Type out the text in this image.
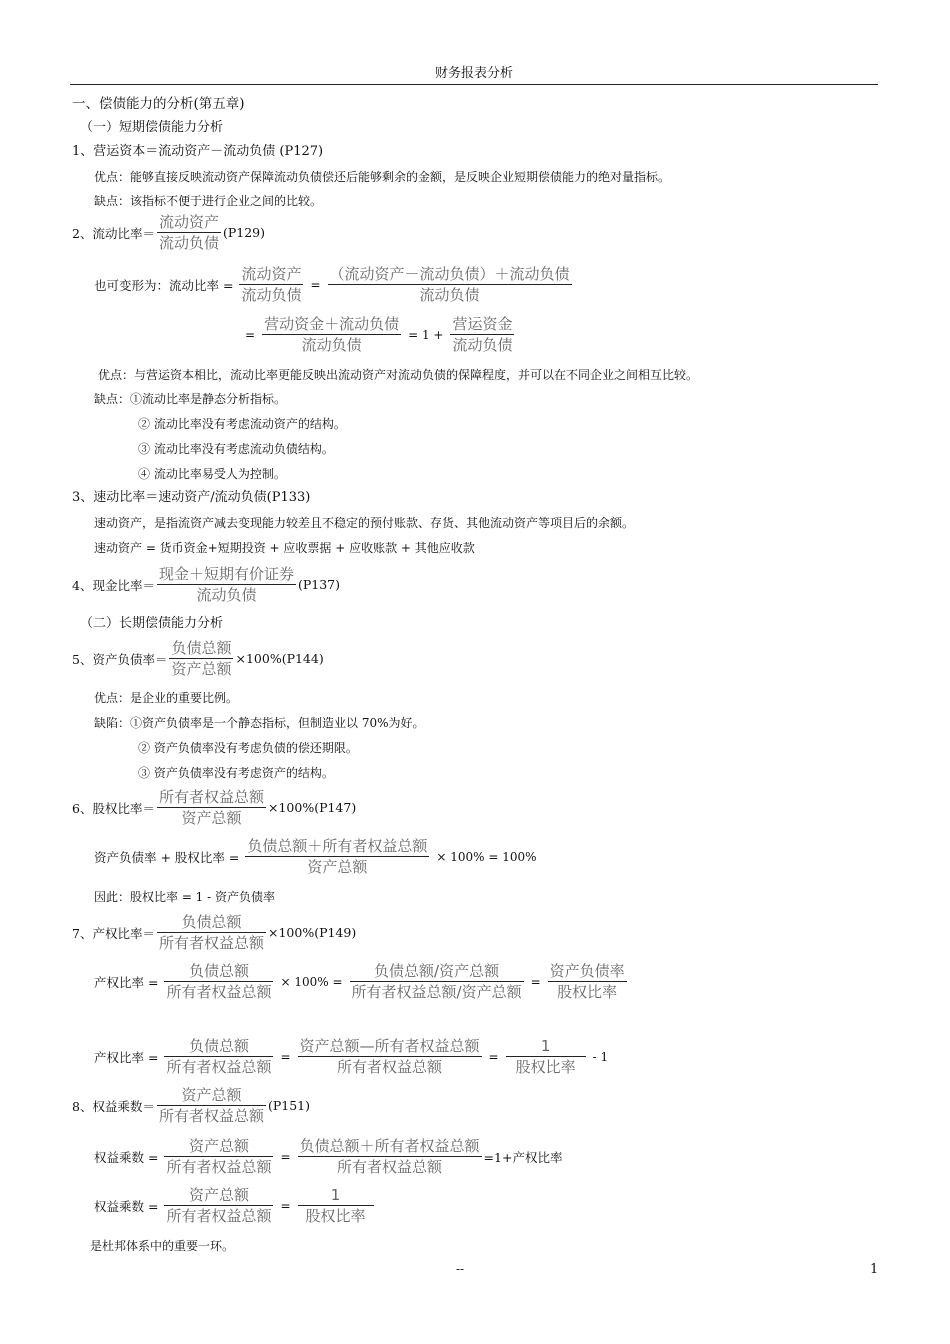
财务报表分析
一、偿债能力的分析(第五章)
（一）短期偿债能力分析
1、营运资本＝流动资产－流动负债 (P127)
优点：能够直接反映流动资产保障流动负债偿还后能够剩余的金额，是反映企业短期偿债能力的绝对量指标。
缺点：该指标不便于进行企业之间的比较。
2、流动比率＝ $\frac{\text{流动资产}}{\text{流动负债}} (P129)$
也可变形为：流动比率 = $\frac{\text{流动资产}}{\text{流动负债}} = \frac{\text{（流动资产－流动负债）＋流动负债}}{\text{流动负债}}$
= $\frac{\text{营动资金＋流动负债}}{\text{流动负债}} = 1 + \frac{\text{营运资金}}{\text{流动负债}}$
优点：与营运资本相比，流动比率更能反映出流动资产对流动负债的保障程度，并可以在不同企业之间相互比较。
缺点：①流动比率是静态分析指标。
② 流动比率没有考虑流动资产的结构。
③ 流动比率没有考虑流动负债结构。
④ 流动比率易受人为控制。
3、速动比率＝速动资产/流动负债(P133)
速动资产，是指流资产减去变现能力较差且不稳定的预付账款、存货、其他流动资产等项目后的余额。
速动资产 = 货币资金+短期投资 + 应收票据 + 应收账款 + 其他应收款
4、现金比率＝ $\frac{\text{现金＋短期有价证券}}{\text{流动负债}} (P137)$
（二）长期偿债能力分析
5、资产负债率＝ $\frac{\text{负债总额}}{\text{资产总额}} \times 100\%(P144)$
优点：是企业的重要比例。
缺陷：①资产负债率是一个静态指标，但制造业以 70%为好。
② 资产负债率没有考虑负债的偿还期限。
③ 资产负债率没有考虑资产的结构。
6、股权比率＝ $\frac{\text{所有者权益总额}}{\text{资产总额}} \times 100\%(P147)$
资产负债率 + 股权比率 = $\frac{\text{负债总额＋所有者权益总额}}{\text{资产总额}} \times 100\% = 100\%$
因此：股权比率 = 1 - 资产负债率
7、产权比率＝ $\frac{\text{负债总额}}{\text{所有者权益总额}} \times 100\%(P149)$
产权比率 = $\frac{\text{负债总额}}{\text{所有者权益总额}} \times 100\% = \frac{\text{负债总额/资产总额}}{\text{所有者权益总额/资产总额}} = \frac{\text{资产负债率}}{\text{股权比率}}$
产权比率 = $\frac{\text{负债总额}}{\text{所有者权益总额}} = \frac{\text{资产总额—所有者权益总额}}{\text{所有者权益总额}} = \frac{1}{\text{股权比率}} - 1$
8、权益乘数＝ $\frac{\text{资产总额}}{\text{所有者权益总额}} (P151)$
权益乘数 = $\frac{\text{资产总额}}{\text{所有者权益总额}} = \frac{\text{负债总额＋所有者权益总额}}{\text{所有者权益总额}} =1+$产权比率
权益乘数 = $\frac{\text{资产总额}}{\text{所有者权益总额}} = \frac{1}{\text{股权比率}}$
是杜邦体系中的重要一环。
--	1
